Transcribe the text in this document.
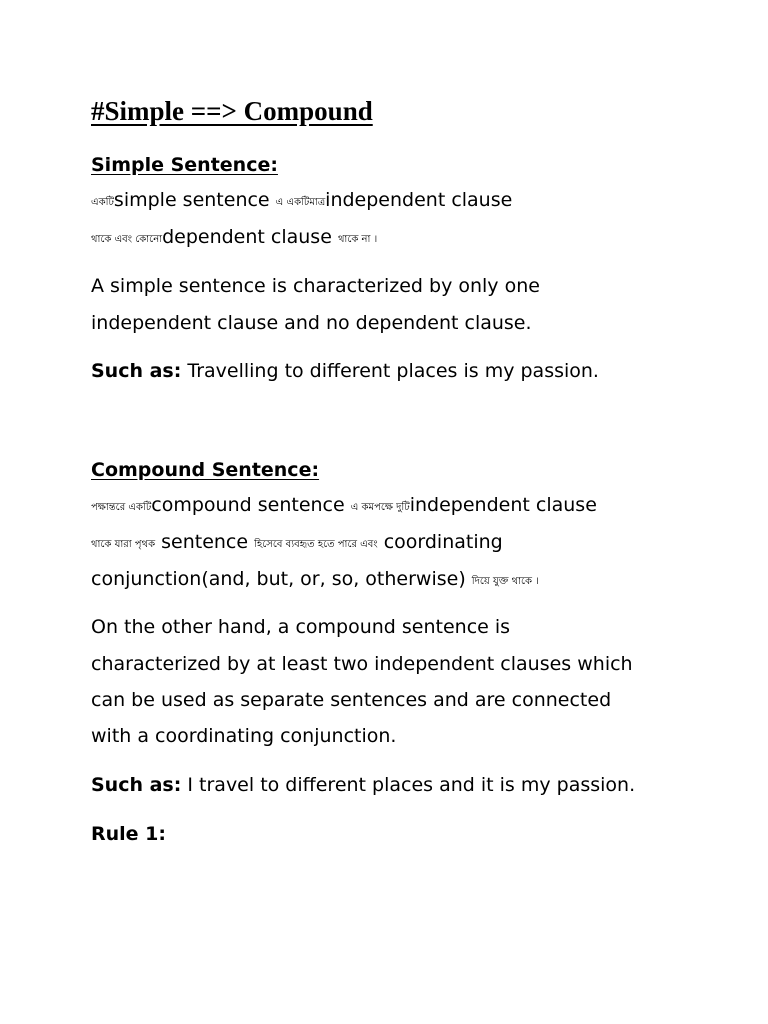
#Simple ==> Compound
Simple Sentence:

একটিsimple sentence এ একটিমাত্রindependent clause

থাকে এবং কোনোdependent clause থাকে না ।

A simple sentence is characterized by only one

independent clause and no dependent clause.

Such as: Travelling to different places is my passion.

Compound Sentence:

পক্ষান্তরে একটিcompound sentence এ কমপক্ষে দুটিindependent clause

থাকে যারা পৃথক sentence হিসেবে ব্যবহৃত হতে পারে এবং coordinating

conjunction(and, but, or, so, otherwise) দিয়ে যুক্ত থাকে ।

On the other hand, a compound sentence is

characterized by at least two independent clauses which

can be used as separate sentences and are connected

with a coordinating conjunction.

Such as: I travel to different places and it is my passion.

Rule 1:
